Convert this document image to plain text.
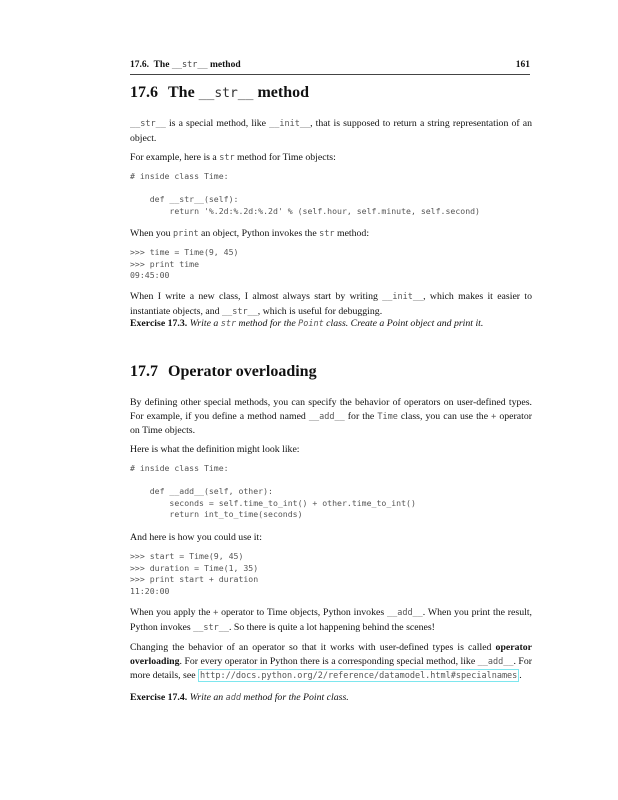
17.6. The __str__ method	161
17.6 The __str__ method

__str__ is a special method, like __init__, that is supposed to return a string representation of an object.

For example, here is a str method for Time objects:

# inside class Time:

def __str__(self):
return '%.2d:%.2d:%.2d' % (self.hour, self.minute, self.second)

When you print an object, Python invokes the str method:

>>> time = Time(9, 45)
>>> print time
09:45:00

When I write a new class, I almost always start by writing __init__, which makes it easier to instantiate objects, and __str__, which is useful for debugging.

Exercise 17.3. Write a str method for the Point class. Create a Point object and print it.

17.7 Operator overloading

By defining other special methods, you can specify the behavior of operators on user-defined types. For example, if you define a method named __add__ for the Time class, you can use the + operator on Time objects.

Here is what the definition might look like:

# inside class Time:

def __add__(self, other):
seconds = self.time_to_int() + other.time_to_int()
return int_to_time(seconds)

And here is how you could use it:

>>> start = Time(9, 45)
>>> duration = Time(1, 35)
>>> print start + duration
11:20:00

When you apply the + operator to Time objects, Python invokes __add__. When you print the result, Python invokes __str__. So there is quite a lot happening behind the scenes!

Changing the behavior of an operator so that it works with user-defined types is called operator overloading. For every operator in Python there is a corresponding special method, like __add__. For more details, see http://docs.python.org/2/reference/datamodel.html#specialnames .

Exercise 17.4. Write an add method for the Point class.
